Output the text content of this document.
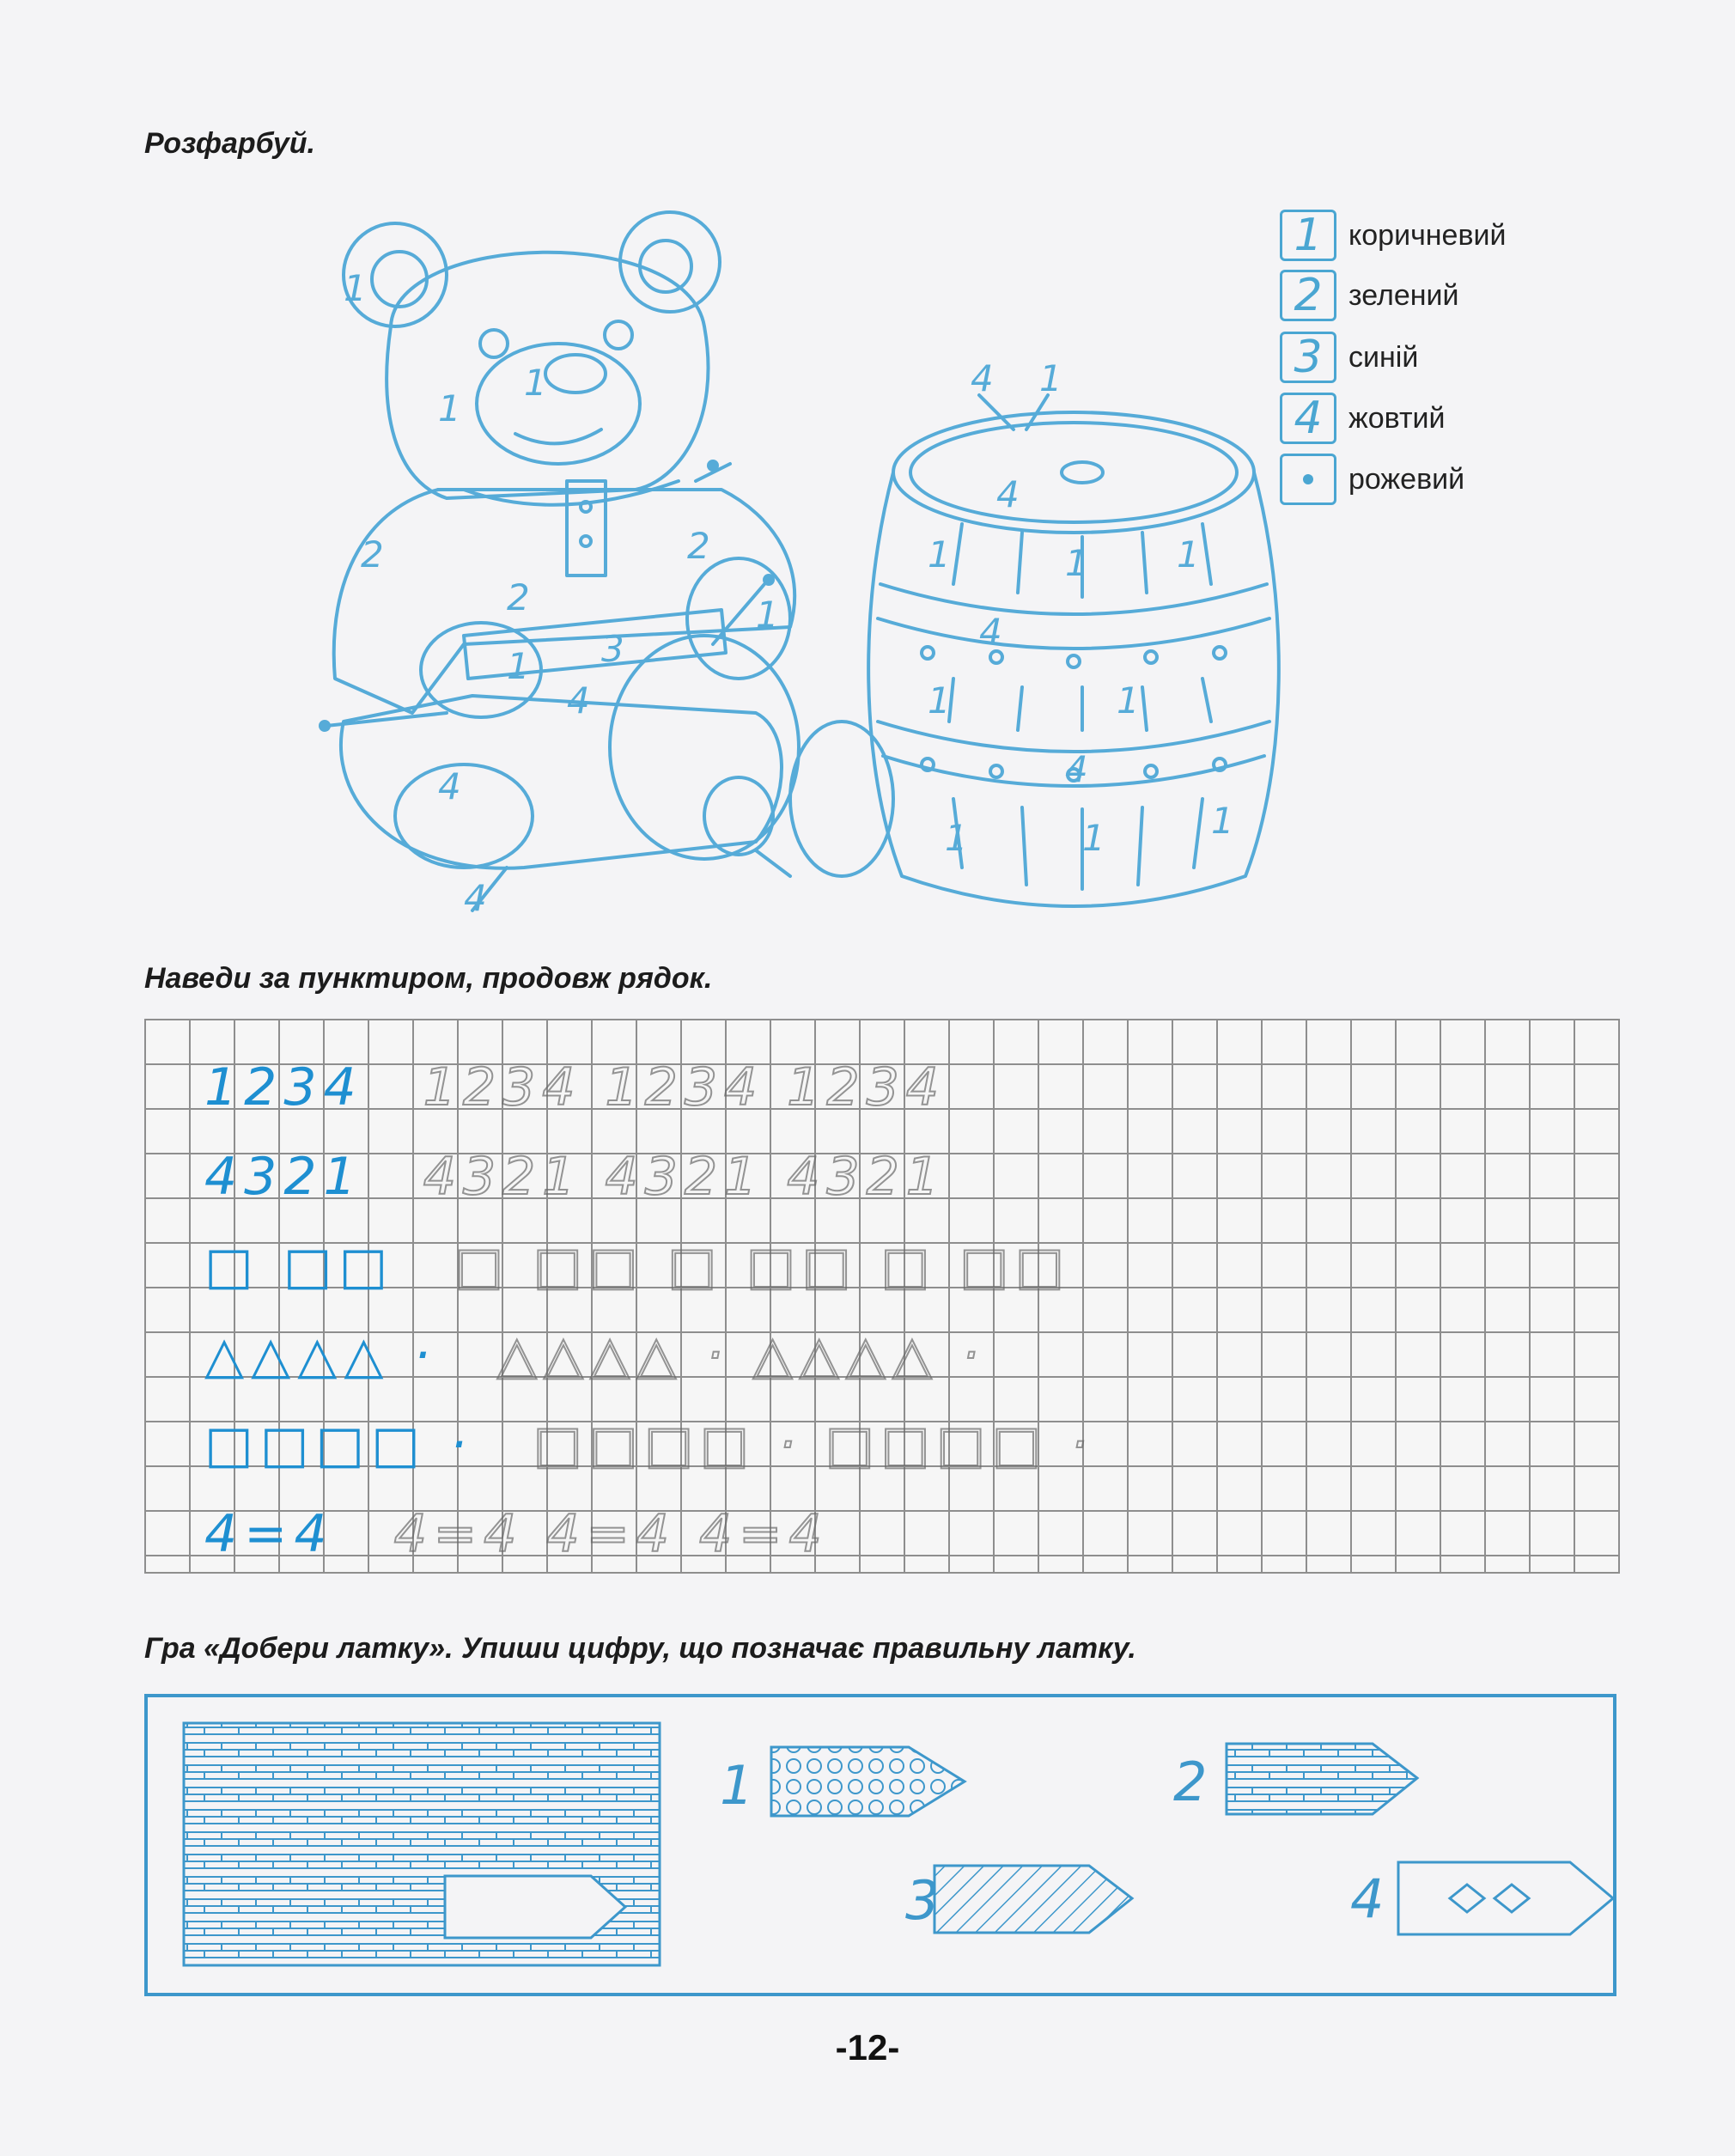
Розфарбуй.
1
1
1
2
2
2
3
4
4
4
1
1
4 1
4
4
4
1	1 1
1	1
1	1	1
1 коричневий
2 зелений
3 синій
4 жовтий
рожевий
Наведи за пунктиром, продовж рядок.
1234 1234 1234 1234
4321 4321 4321 4321
□ □□ □ □□ □ □□ □ □□
△△△△ · △△△△ · △△△△ ·
□□□□ · □□□□ · □□□□ ·
4=4 4=4 4=4 4=4
Гра «Добери латку». Упиши цифру, що позначає правильну латку.
1	2
3	4
-12-
